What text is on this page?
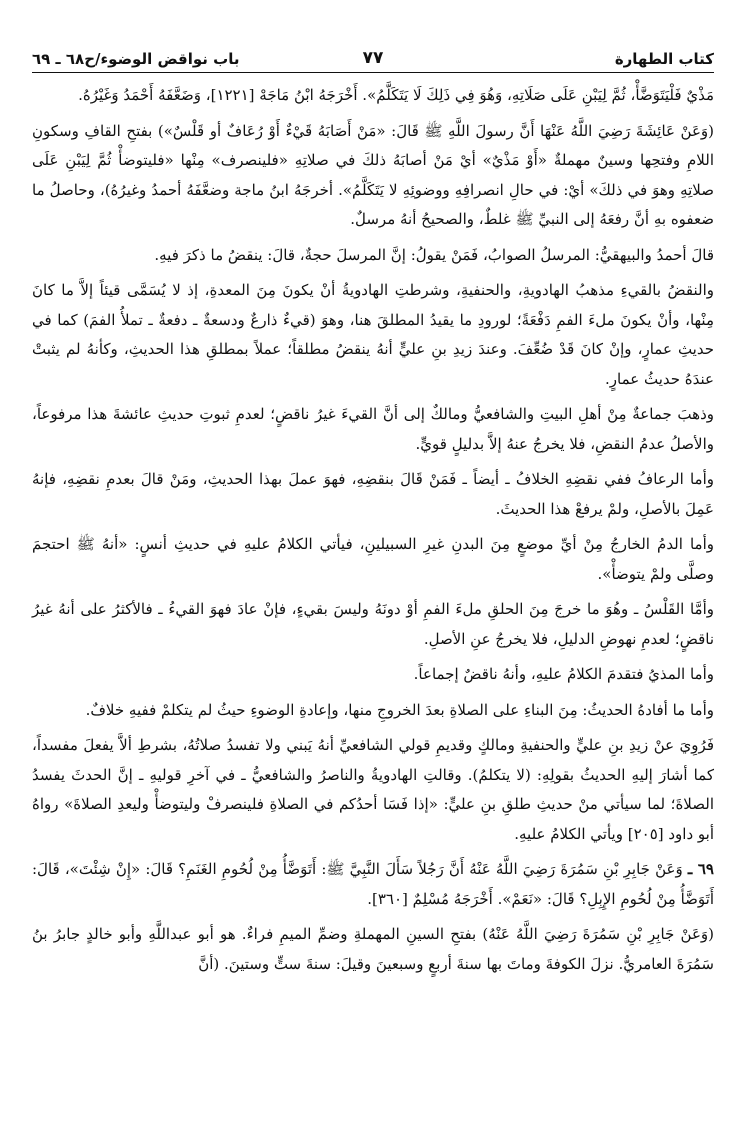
كتاب الطهارة
٧٧
باب نواقض الوضوء/ح٦٨ ـ ٦٩

مَذْيٌ فَلْيَتَوَضَّأْ، ثُمَّ لِيَبْنِ عَلَى صَلَاتِهِ، وَهُوَ فِي ذَلِكَ لَا يَتَكَلَّمُ». أَخْرَجَهُ ابْنُ مَاجَهْ [١٢٢١]، وَضَعَّفَهُ أَحْمَدُ وَغَيْرُهُ.

(وَعَنْ عَائِشَةَ رَضِيَ اللَّهُ عَنْهَا أَنَّ رسولَ اللَّهِ ﷺ قَالَ: «مَنْ أَصَابَهُ قَيْءٌ أَوْ رُعَافٌ أو قَلْسٌ») بفتحِ القافِ وسكونِ اللامِ وفتحِها وسينٌ مهملةٌ «أَوْ مَذْيٌ» أيْ مَنْ أصابَهُ ذلكَ في صلاتِهِ «فلينصرف» مِنْها «فليتوضأْ ثُمَّ لِيَبْنِ عَلَى صلاتِهِ وهوَ في ذلكَ» أيْ: في حالِ انصرافِهِ ووضوئِهِ لا يَتَكَلَّمُ». أخرجَهُ ابنُ ماجة وضعَّفَهُ أحمدُ وغيرُهُ)، وحاصلُ ما ضعفوه بهِ أنَّ رفعَهُ إلى النبيِّ ﷺ غلطٌ، والصحيحُ أنهُ مرسلٌ.

قالَ أحمدُ والبيهقيُّ: المرسلُ الصوابُ، فَمَنْ يقولُ: إنَّ المرسلَ حجةٌ، قالَ: ينقضُ ما ذكرَ فيهِ.

والنقضُ بالقيءِ مذهبُ الهادويةِ، والحنفيةِ، وشرطتِ الهادويةُ أنْ يكونَ مِنَ المعدةِ، إذ لا يُسَمَّى قيئاً إلاَّ ما كانَ مِنْها، وأنْ يكونَ ملءَ الفمِ دَفْعَةً؛ لورودِ ما يقيدُ المطلقَ هنا، وهوَ (قيءٌ ذارعٌ ودسعةٌ ـ دفعةٌ ـ تملأُ الفمَ) كما في حديثِ عمارٍ، وإنْ كانَ قَدْ ضُعِّفَ. وعندَ زيدِ بنِ عليٍّ أنهُ ينقضُ مطلقاً؛ عملاً بمطلقِ هذا الحديثِ، وكأنهُ لم يثبتْ عندَهُ حديثُ عمارٍ.

وذهبَ جماعةٌ مِنْ أهلِ البيتِ والشافعيُّ ومالكٌ إلى أنَّ القيءَ غيرُ ناقضٍ؛ لعدمِ ثبوتِ حديثِ عائشةَ هذا مرفوعاً، والأصلُ عدمُ النقضِ، فلا يخرجُ عنهُ إلاَّ بدليلٍ قويٍّ.

وأما الرعافُ ففي نقضِهِ الخلافُ ـ أيضاً ـ فَمَنْ قَالَ بنقضِهِ، فهوَ عملَ بهذا الحديثِ، ومَنْ قالَ بعدمِ نقضِهِ، فإنهُ عَمِلَ بالأصلِ، ولمْ يرفعْ هذا الحديثَ.

وأما الدمُ الخارجُ مِنْ أيِّ موضعٍ مِنَ البدنِ غيرِ السبيلينِ، فيأتي الكلامُ عليهِ في حديثِ أنسٍ: «أنهُ ﷺ احتجمَ وصلَّى ولمْ يتوضأْ».

وأمَّا القَلْسُ ـ وهُوَ ما خرجَ مِنَ الحلقِ ملءَ الفمِ أوْ دونَهُ وليسَ بقيءٍ، فإنْ عادَ فهوَ القيءُ ـ فالأكثرُ على أنهُ غيرُ ناقضٍ؛ لعدمِ نهوضِ الدليلِ، فلا يخرجُ عنِ الأصلِ.

وأما المذيُ فتقدمَ الكلامُ عليهِ، وأنهُ ناقضٌ إجماعاً.

وأما ما أفادهُ الحديثُ: مِنَ البناءِ على الصلاةِ بعدَ الخروجِ منها، وإعادةِ الوضوءِ حيثُ لم يتكلمْ ففيهِ خلافٌ.

فَرُوِيَ عنْ زيدِ بنِ عليٍّ والحنفيةِ ومالكٍ وقديمِ قولي الشافعيِّ أنهُ يَبني ولا تفسدُ صلاتُهُ، بشرطِ ألاَّ يفعلَ مفسداً، كما أشارَ إليهِ الحديثُ بقولِهِ: (لا يتكلمُ). وقالتِ الهادويةُ والناصرُ والشافعيُّ ـ في آخرِ قوليهِ ـ إنَّ الحدثَ يفسدُ الصلاةَ؛ لما سيأتي منْ حديثِ طلقِ بنِ عليٍّ: «إذا فَسَا أحدُكم في الصلاةِ فلينصرفْ وليتوضأْ وليعدِ الصلاةَ» رواهُ أبو داود [٢٠٥] ويأتي الكلامُ عليهِ.

٦٩ ـ وَعَنْ جَابِرِ بْنِ سَمُرَةَ رَضِيَ اللَّهُ عَنْهُ أَنَّ رَجُلاً سَأَلَ النَّبِيَّ ﷺ: أَتَوَضَّأُ مِنْ لُحُومِ الغَنَمِ؟ قَالَ: «إِنْ شِئْتَ»، قَالَ: أَتَوَضَّأُ مِنْ لُحُومِ الإِبِلِ؟ قَالَ: «نَعَمْ». أَخْرَجَهُ مُسْلِمٌ [٣٦٠].

(وَعَنْ جَابِرِ بْنِ سَمُرَةَ رَضِيَ اللَّهُ عَنْهُ) بفتحِ السينِ المهملةِ وضمِّ الميمِ فراءٌ. هو أبو عبداللَّهِ وأبو خالدٍ جابرُ بنُ سَمُرَةَ العامريُّ. نزلَ الكوفةَ وماتَ بها سنةَ أربعٍ وسبعينَ وقيلَ: سنةَ ستٍّ وستينَ. (أنَّ
